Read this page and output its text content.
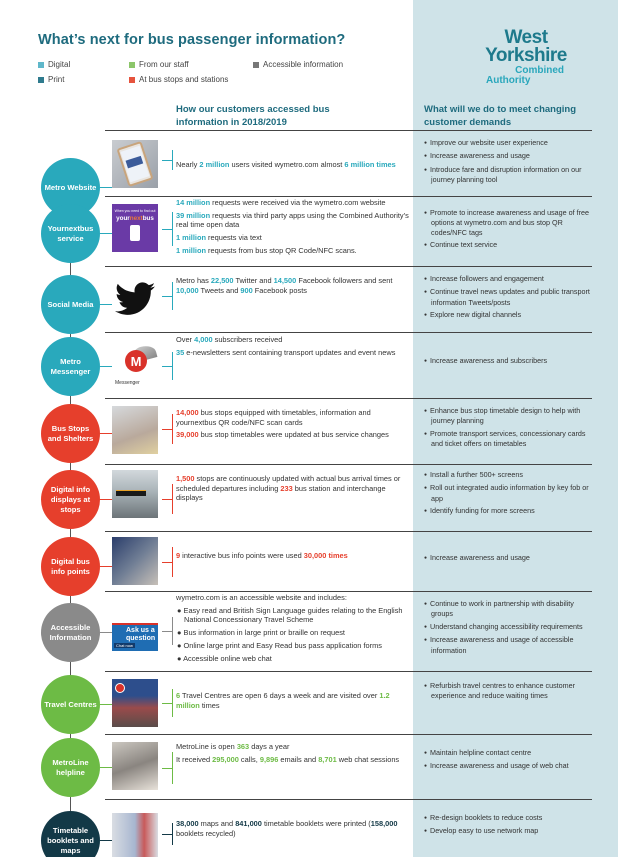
What’s next for bus passenger information?
Digital	From our staff	Accessible information
Print	At bus stops and stations
West
Yorkshire
Combined
Authority
How our customers accessed bus information in 2018/2019
What will we do to meet changing customer demands
Metro Website

Nearly 2 million users visited wymetro.com almost 6 million times

● Improve our website user experience
● Increase awareness and usage
● Introduce fare and disruption information on our journey planning tool
Yournextbus service
When you need to find out
yournextbus

14 million requests were received via the wymetro.com website

39 million requests via third party apps using the Combined Authority’s real time open data

1 million requests via text

1 million requests from bus stop QR Code/NFC scans.

● Promote to increase awareness and usage of free options at wymetro.com and bus stop QR codes/NFC tags
● Continue text service
Social Media

Metro has 22,500 Twitter and 14,500 Facebook followers and sent 10,000 Tweets and 900 Facebook posts

● Increase followers and engagement
● Continue travel news updates and public transport information Tweets/posts
● Explore new digital channels
Metro Messenger
M
Messenger

Over 4,000 subscribers received

35 e-newsletters sent containing transport updates and event news

● Increase awareness and subscribers
Bus Stops and Shelters

14,000 bus stops equipped with timetables, information and yournextbus QR code/NFC scan cards

39,000 bus stop timetables were updated at bus service changes

● Enhance bus stop timetable design to help with journey planning
● Promote transport services, concessionary cards and ticket offers on timetables
Digital info displays at stops

1,500 stops are continuously updated with actual bus arrival times or scheduled departures including 233 bus station and interchange displays

● Install a further 500+ screens
● Roll out integrated audio information by key fob or app
● Identify funding for more screens
Digital bus info points

9 interactive bus info points were used 30,000 times	● Increase awareness and usage
Accessible Information
Ask us a
question
Chat now

wymetro.com is an accessible website and includes:

● Easy read and British Sign Language guides relating to the English National Concessionary Travel Scheme

● Bus information in large print or braille on request

● Online large print and Easy Read bus pass application forms

● Accessible online web chat

● Continue to work in partnership with disability groups
● Understand changing accessibility requirements
● Increase awareness and usage of accessible information
Travel Centres

6 Travel Centres are open 6 days a week and are visited over 1.2 million times

● Refurbish travel centres to enhance customer experience and reduce waiting times
MetroLine helpline

MetroLine is open 363 days a year

It received 295,000 calls, 9,896 emails and 8,701 web chat sessions

● Maintain helpline contact centre
● Increase awareness and usage of web chat
Timetable booklets and maps

38,000 maps and 841,000 timetable booklets were printed (158,000 booklets recycled)

● Re-design booklets to reduce costs
● Develop easy to use network map
